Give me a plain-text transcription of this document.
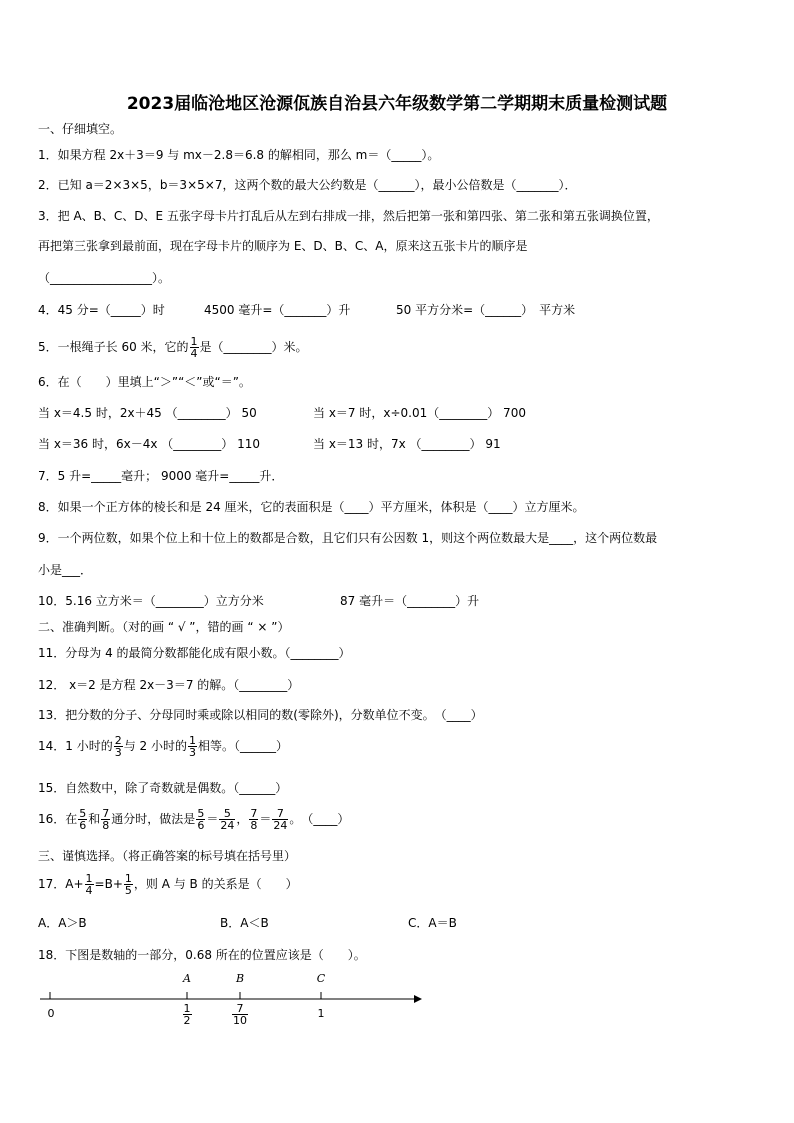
2023届临沧地区沧源佤族自治县六年级数学第二学期期末质量检测试题
一、仔细填空。
1．如果方程 2x＋3＝9 与 mx－2.8＝6.8 的解相同，那么 m＝（_____）。
2．已知 a＝2×3×5，b＝3×5×7，这两个数的最大公约数是（______），最小公倍数是（_______）．
3．把 A、B、C、D、E 五张字母卡片打乱后从左到右排成一排，然后把第一张和第四张、第二张和第五张调换位置，
再把第三张拿到最前面，现在字母卡片的顺序为 E、D、B、C、A，原来这五张卡片的顺序是
（_________________）。
4．45 分=（_____）时	4500 毫升=（_______）升	50 平方分米=（______）　平方米
5．一根绳子长 60 米，它的 $\frac{1}{4}$ 是（________）米。
6．在（　　）里填上“＞”“＜”或“＝”。
当 x＝4.5 时，2x＋45 （________） 50	当 x＝7 时，x÷0.01（________） 700
当 x＝36 时，6x－4x （________） 110	当 x＝13 时，7x （________） 91
7．5 升=_____毫升； 9000 毫升=_____升．
8．如果一个正方体的棱长和是 24 厘米，它的表面积是（____）平方厘米，体积是（____）立方厘米。
9．一个两位数，如果个位上和十位上的数都是合数，且它们只有公因数 1，则这个两位数最大是____，这个两位数最
小是___．
10．5.16 立方米＝（________）立方分米	87 毫升＝（________）升
二、准确判断。（对的画 “ √ ”，错的画 “ × ”）
11．分母为 4 的最简分数都能化成有限小数。（________）
12． x＝2 是方程 2x－3＝7 的解。（________）
13．把分数的分子、分母同时乘或除以相同的数(零除外)，分数单位不变。　（____）
14．1 小时的 $\frac{2}{3}$ 与 2 小时的 $\frac{1}{3}$ 相等。（______）
15．自然数中，除了奇数就是偶数。（______）
16．在 $\frac{5}{6}$ 和 $\frac{7}{8}$ 通分时，做法是 $\frac{5}{6} = \frac{5}{24}$ ， $\frac{7}{8} = \frac{7}{24}$ 。　（____）
三、谨慎选择。（将正确答案的标号填在括号里）
17．$A+ \frac{1}{4} =B+ \frac{1}{5}$ ，则 A 与 B 的关系是（　　）
A．A＞B	B．A＜B	C．A＝B
18．下图是数轴的一部分，0.68 所在的位置应该是（　　）。
A	B	C
0	$\frac{1}{2}$	$\frac{7}{10}$	1
